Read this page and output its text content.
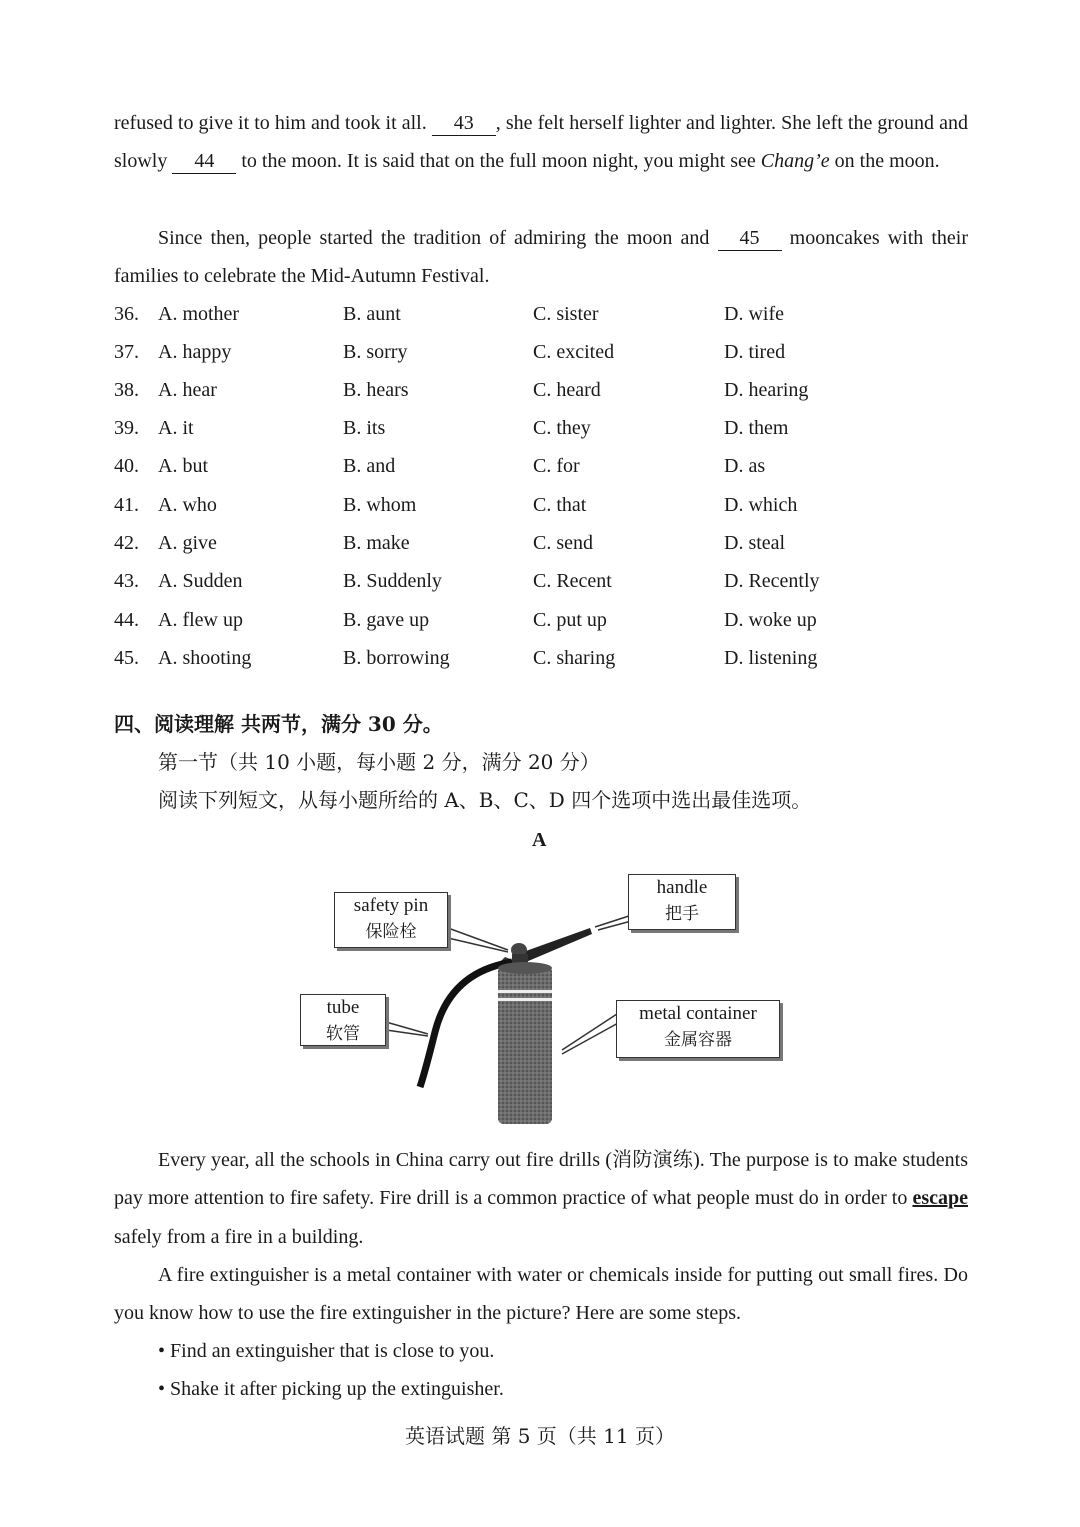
refused to give it to him and took it all. 43 , she felt herself lighter and lighter. She left the ground and slowly 44 to the moon. It is said that on the full moon night, you might see Chang’e on the moon.
Since then, people started the tradition of admiring the moon and 45 mooncakes with their families to celebrate the Mid-Autumn Festival.
36. A. mother	B. aunt	C. sister	D. wife
37. A. happy	B. sorry	C. excited	D. tired
38. A. hear	B. hears	C. heard	D. hearing
39. A. it	B. its	C. they	D. them
40. A. but	B. and	C. for	D. as
41. A. who	B. whom	C. that	D. which
42. A. give	B. make	C. send	D. steal
43. A. Sudden	B. Suddenly	C. Recent	D. Recently
44. A. flew up	B. gave up	C. put up	D. woke up
45. A. shooting	B. borrowing	C. sharing	D. listening
四、阅读理解 共两节，满分 30 分。
第一节（共 10 小题，每小题 2 分，满分 20 分）
阅读下列短文，从每小题所给的 A、B、C、D 四个选项中选出最佳选项。
A
safety pin
保险栓
handle
把手
tube
软管
metal container
金属容器
Every year, all the schools in China carry out fire drills (消防演练). The purpose is to make students pay more attention to fire safety. Fire drill is a common practice of what people must do in order to escape safely from a fire in a building.
A fire extinguisher is a metal container with water or chemicals inside for putting out small fires. Do you know how to use the fire extinguisher in the picture? Here are some steps.
• Find an extinguisher that is close to you.
• Shake it after picking up the extinguisher.
英语试题 第 5 页（共 11 页）
